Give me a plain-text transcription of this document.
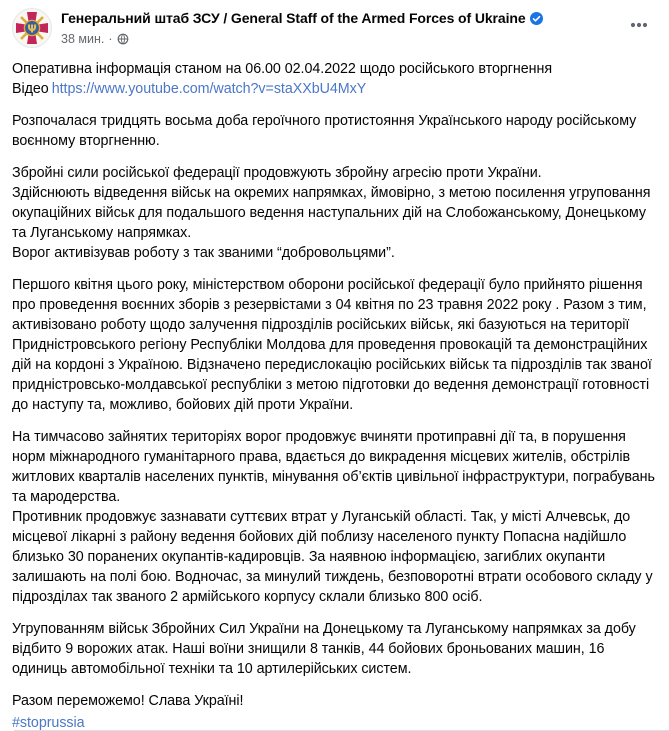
Ψ
Генеральний штаб ЗСУ / General Staff of the Armed Forces of Ukraine
38 мин. ·

Оперативна інформація станом на 06.00 02.04.2022 щодо російського вторгнення
Відео https://www.youtube.com/watch?v=staXXbU4MxY

Розпочалася тридцять восьма доба героїчного протистояння Українського народу російському воєнному вторгненню.

Збройні сили російської федерації продовжують збройну агресію проти України.
Здійснюють відведення військ на окремих напрямках, ймовірно, з метою посилення угруповання окупаційних військ для подальшого ведення наступальних дій на Слобожанському, Донецькому та Луганському напрямках.
Ворог активізував роботу з так званими “добровольцями”.

Першого квітня цього року, міністерством оборони російської федерації було прийнято рішення про проведення воєнних зборів з резервістами з 04 квітня по 23 травня 2022 року . Разом з тим, активізовано роботу щодо залучення підрозділів російських військ, які базуються на території Придністровського регіону Республіки Молдова для проведення провокацій та демонстраційних дій на кордоні з Україною. Відзначено передислокацію російських військ та підрозділів так званої придністровсько-молдавської республіки з метою підготовки до ведення демонстрації готовності до наступу та, можливо, бойових дій проти України.

На тимчасово зайнятих територіях ворог продовжує вчиняти протиправні дії та, в порушення норм міжнародного гуманітарного права, вдається до викрадення місцевих жителів, обстрілів житлових кварталів населених пунктів, мінування об’єктів цивільної інфраструктури, пограбувань та мародерства.
Противник продовжує зазнавати суттєвих втрат у Луганській області. Так, у місті Алчевськ, до місцевої лікарні з району ведення бойових дій поблизу населеного пункту Попасна надійшло близько 30 поранених окупантів-кадировців. За наявною інформацією, загиблих окупанти залишають на полі бою. Водночас, за минулий тиждень, безповоротні втрати особового складу у підрозділах так званого 2 армійського корпусу склали близько 800 осіб.

Угрупованням військ Збройних Сил України на Донецькому та Луганському напрямках за добу відбито 9 ворожих атак. Наші воїни знищили 8 танків, 44 бойових броньованих машин, 16 одиниць автомобільної техніки та 10 артилерійських систем.

Разом переможемо! Слава Україні!

#stoprussia
